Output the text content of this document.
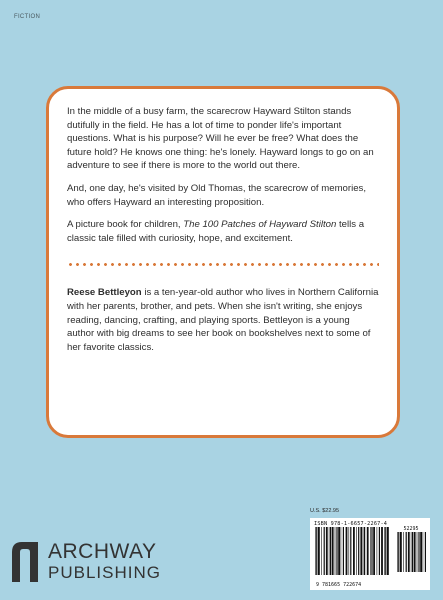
FICTION

In the middle of a busy farm, the scarecrow Hayward Stilton stands dutifully in the field. He has a lot of time to ponder life's important questions. What is his purpose? Will he ever be free? What does the future hold? He knows one thing: he's lonely. Hayward longs to go on an adventure to see if there is more to the world out there.

And, one day, he's visited by Old Thomas, the scarecrow of memories, who offers Hayward an interesting proposition.

A picture book for children, The 100 Patches of Hayward Stilton tells a classic tale filled with curiosity, hope, and excitement.

Reese Bettleyon is a ten-year-old author who lives in Northern California with her parents, brother, and pets. When she isn't writing, she enjoys reading, dancing, crafting, and playing sports. Bettleyon is a young author with big dreams to see her book on bookshelves next to some of her favorite classics.

U.S. $22.95
ISBN 978-1-6657-2267-4
52295
9 781665 722674
ARCHWAY
PUBLISHING
